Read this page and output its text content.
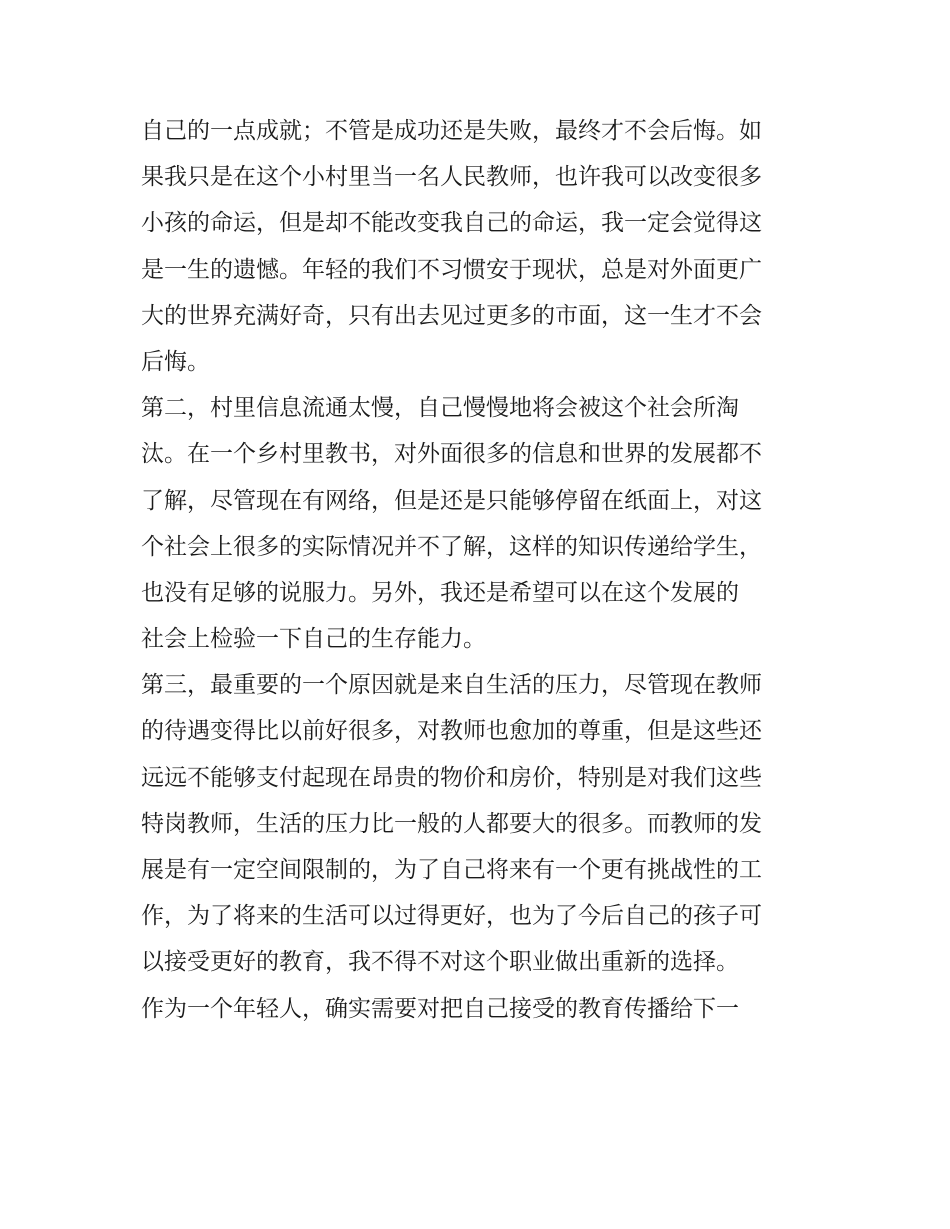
自己的一点成就；不管是成功还是失败，最终才不会后悔。如
果我只是在这个小村里当一名人民教师，也许我可以改变很多
小孩的命运，但是却不能改变我自己的命运，我一定会觉得这
是一生的遗憾。年轻的我们不习惯安于现状，总是对外面更广
大的世界充满好奇，只有出去见过更多的市面，这一生才不会
后悔。
第二，村里信息流通太慢，自己慢慢地将会被这个社会所淘
汰。在一个乡村里教书，对外面很多的信息和世界的发展都不
了解，尽管现在有网络，但是还是只能够停留在纸面上，对这
个社会上很多的实际情况并不了解，这样的知识传递给学生，
也没有足够的说服力。另外，我还是希望可以在这个发展的
社会上检验一下自己的生存能力。
第三，最重要的一个原因就是来自生活的压力，尽管现在教师
的待遇变得比以前好很多，对教师也愈加的尊重，但是这些还
远远不能够支付起现在昂贵的物价和房价，特别是对我们这些
特岗教师，生活的压力比一般的人都要大的很多。而教师的发
展是有一定空间限制的，为了自己将来有一个更有挑战性的工
作，为了将来的生活可以过得更好，也为了今后自己的孩子可
以接受更好的教育，我不得不对这个职业做出重新的选择。
作为一个年轻人，确实需要对把自己接受的教育传播给下一
